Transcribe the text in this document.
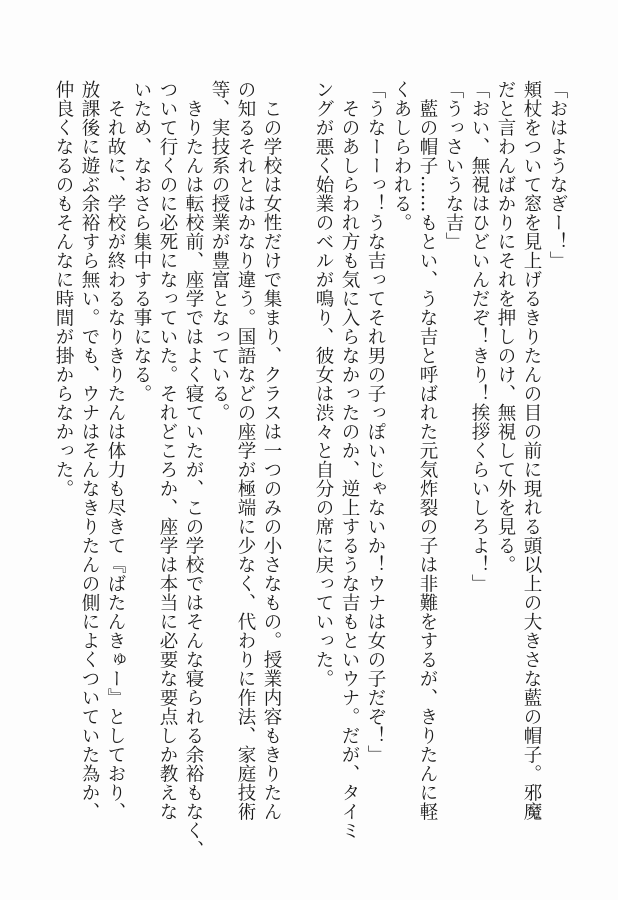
「おはようなぎー！」
頬杖をついて窓を見上げるきりたんの目の前に現れる頭以上の大きさな藍の帽子。邪魔
だと言わんばかりにそれを押しのけ、無視して外を見る。
「おい、無視はひどいんだぞ！きり！挨拶くらいしろよ！」
「うっさいうな吉」
　藍の帽子……もとい、うな吉と呼ばれた元気炸裂の子は非難をするが、きりたんに軽
くあしらわれる。
「うなーーっ！うな吉ってそれ男の子っぽいじゃないか！ウナは女の子だぞ！」
　そのあしらわれ方も気に入らなかったのか、逆上するうな吉もといウナ。だが、タイミ
ングが悪く始業のベルが鳴り、彼女は渋々と自分の席に戻っていった。
　この学校は女性だけで集まり、クラスは一つのみの小さなもの。授業内容もきりたん
の知るそれとはかなり違う。国語などの座学が極端に少なく、代わりに作法、家庭技術
等、実技系の授業が豊富となっている。
　きりたんは転校前、座学ではよく寝ていたが、この学校ではそんな寝られる余裕もなく、
ついて行くのに必死になっていた。それどころか、座学は本当に必要な要点しか教えな
いため、なおさら集中する事になる。
　それ故に、学校が終わるなりきりたんは体力も尽きて『ばたんきゅー』としており、
放課後に遊ぶ余裕すら無い。でも、ウナはそんなきりたんの側によくついていた為か、
仲良くなるのもそんなに時間が掛からなかった。
